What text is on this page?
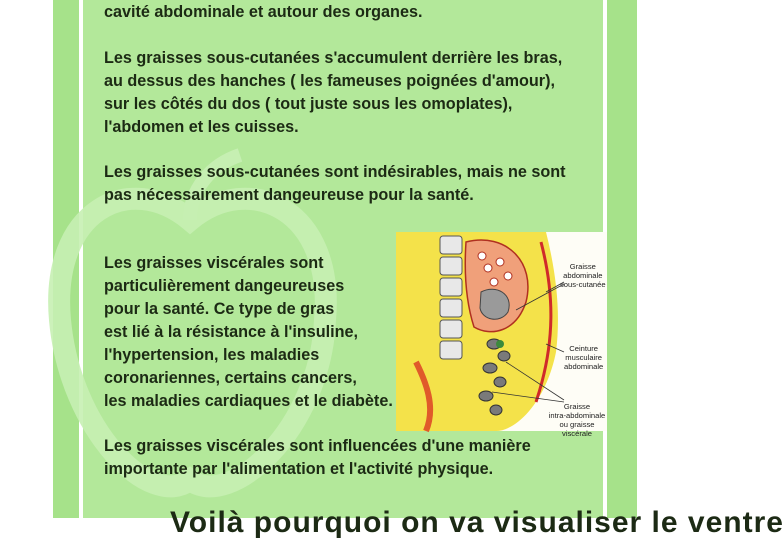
cavité abdominale et autour des organes.
Les graisses sous-cutanées s'accumulent derrière les bras,
au dessus des hanches ( les fameuses poignées d'amour),
sur les côtés du dos ( tout juste sous les omoplates),
l'abdomen et les cuisses.
Les graisses sous-cutanées sont indésirables, mais ne sont
pas nécessairement dangeureuse pour la santé.
Les graisses viscérales sont
particulièrement dangeureuses
pour la santé. Ce type de gras
est lié à la résistance à l'insuline,
l'hypertension, les maladies
coronariennes, certains cancers,
les maladies cardiaques et le diabète.
Graisse
abdominale
sous-cutanée
Ceinture
musculaire
abdominale
Graisse
intra-abdominale
ou graisse viscérale
Les graisses viscérales sont influencées d'une manière
importante par l'alimentation et l'activité physique.
Voilà pourquoi on va visualiser le ventre
